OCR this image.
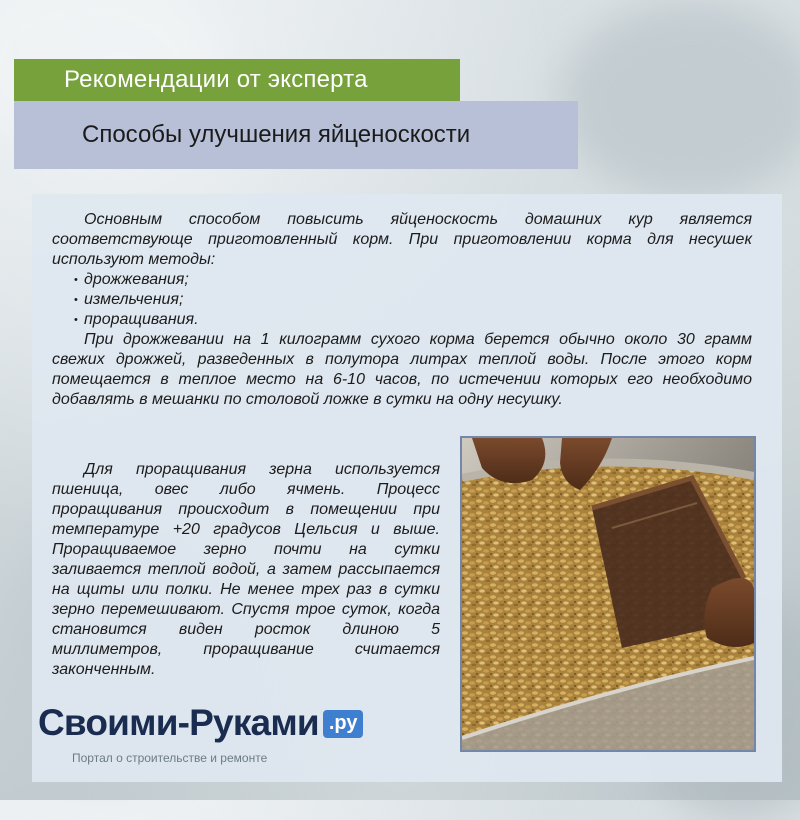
Рекомендации от эксперта
Способы улучшения яйценоскости

Основным способом повысить яйценоскость домашних кур является соответствующе приготовленный корм. При приготовлении корма для несушек используют методы:

• дрожжевания;
• измельчения;
• проращивания.

При дрожжевании на 1 килограмм сухого корма берется обычно около 30 грамм свежих дрожжей, разведенных в полутора литрах теплой воды. После этого корм помещается в теплое место на 6-10 часов, по истечении которых его необходимо добавлять в мешанки по столовой ложке в сутки на одну несушку.

Для проращивания зерна используется пшеница, овес либо ячмень. Процесс проращивания происходит в помещении при температуре +20 градусов Цельсия и выше. Проращиваемое зерно почти на сутки заливается теплой водой, а затем рассыпается на щиты или полки. Не менее трех раз в сутки зерно перемешивают. Спустя трое суток, когда становится виден росток длиною 5 миллиметров, проращивание считается законченным.

Своими-Руками .ру
Портал о строительстве и ремонте
